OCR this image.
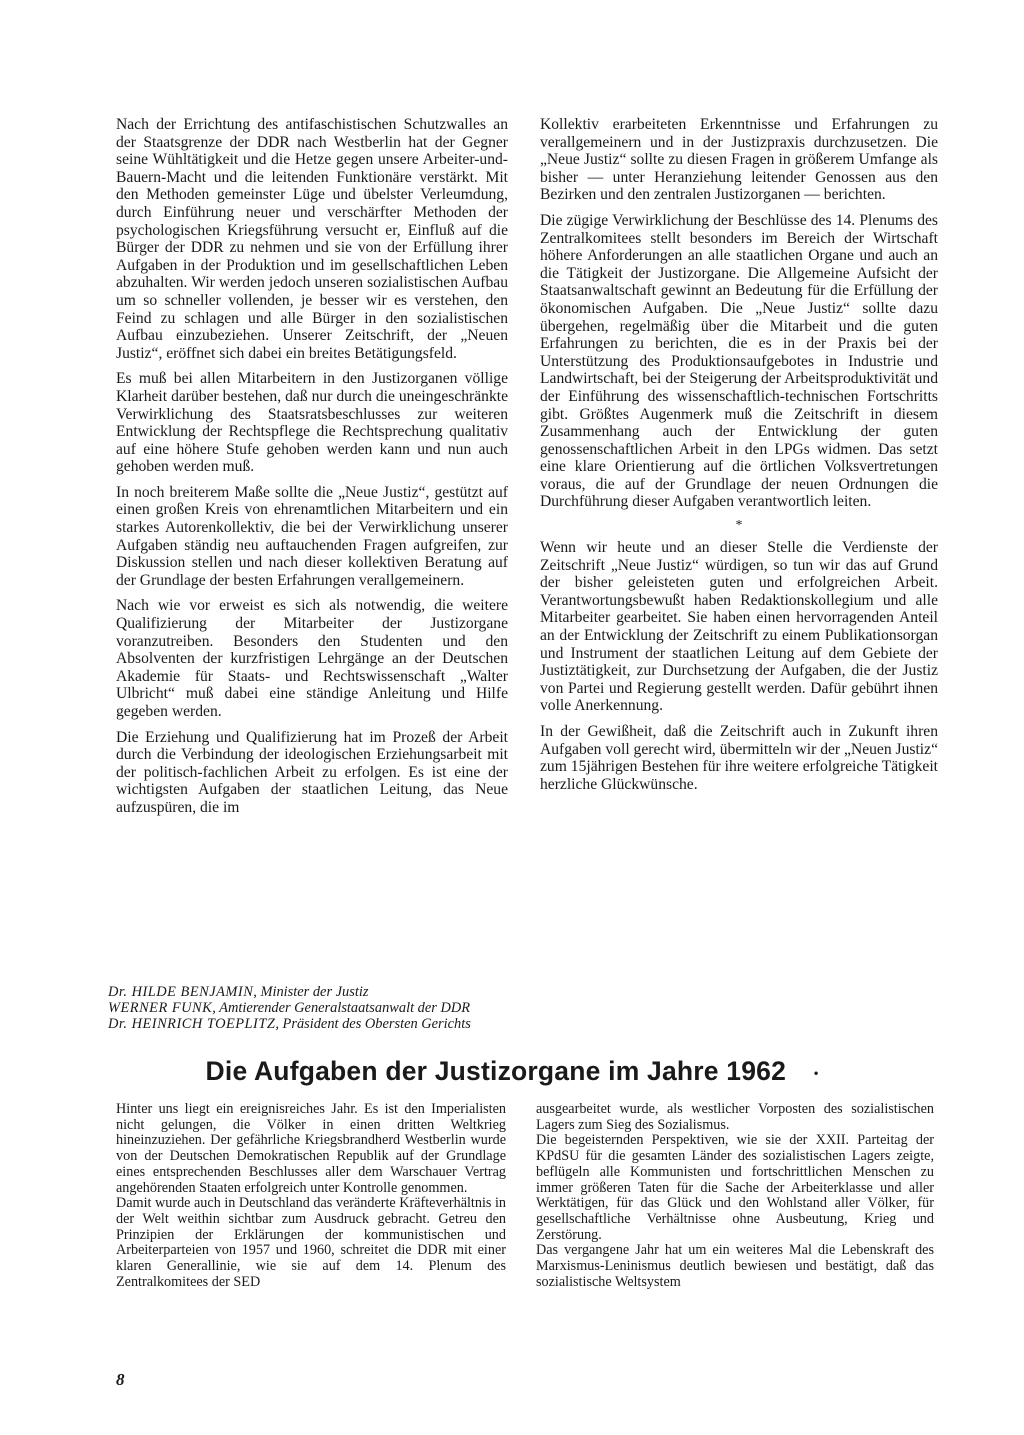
Nach der Errichtung des antifaschistischen Schutzwalles an der Staatsgrenze der DDR nach Westberlin hat der Gegner seine Wühltätigkeit und die Hetze gegen unsere Arbeiter-und-Bauern-Macht und die leitenden Funktionäre verstärkt. Mit den Methoden gemeinster Lüge und übelster Verleumdung, durch Einführung neuer und verschärfter Methoden der psychologischen Kriegsführung versucht er, Einfluß auf die Bürger der DDR zu nehmen und sie von der Erfüllung ihrer Aufgaben in der Produktion und im gesellschaftlichen Leben abzuhalten. Wir werden jedoch unseren sozialistischen Aufbau um so schneller vollenden, je besser wir es verstehen, den Feind zu schlagen und alle Bürger in den sozialistischen Aufbau einzubeziehen. Unserer Zeitschrift, der „Neuen Justiz“, eröffnet sich dabei ein breites Betätigungsfeld.

Es muß bei allen Mitarbeitern in den Justizorganen völlige Klarheit darüber bestehen, daß nur durch die uneingeschränkte Verwirklichung des Staatsratsbeschlusses zur weiteren Entwicklung der Rechtspflege die Rechtsprechung qualitativ auf eine höhere Stufe gehoben werden kann und nun auch gehoben werden muß.

In noch breiterem Maße sollte die „Neue Justiz“, gestützt auf einen großen Kreis von ehrenamtlichen Mitarbeitern und ein starkes Autorenkollektiv, die bei der Verwirklichung unserer Aufgaben ständig neu auftauchenden Fragen aufgreifen, zur Diskussion stellen und nach dieser kollektiven Beratung auf der Grundlage der besten Erfahrungen verallgemeinern.

Nach wie vor erweist es sich als notwendig, die weitere Qualifizierung der Mitarbeiter der Justizorgane voranzutreiben. Besonders den Studenten und den Absolventen der kurzfristigen Lehrgänge an der Deutschen Akademie für Staats- und Rechtswissenschaft „Walter Ulbricht“ muß dabei eine ständige Anleitung und Hilfe gegeben werden.

Die Erziehung und Qualifizierung hat im Prozeß der Arbeit durch die Verbindung der ideologischen Erziehungsarbeit mit der politisch-fachlichen Arbeit zu erfolgen. Es ist eine der wichtigsten Aufgaben der staatlichen Leitung, das Neue aufzuspüren, die im

Kollektiv erarbeiteten Erkenntnisse und Erfahrungen zu verallgemeinern und in der Justizpraxis durchzusetzen. Die „Neue Justiz“ sollte zu diesen Fragen in größerem Umfange als bisher — unter Heranziehung leitender Genossen aus den Bezirken und den zentralen Justizorganen — berichten.

Die zügige Verwirklichung der Beschlüsse des 14. Plenums des Zentralkomitees stellt besonders im Bereich der Wirtschaft höhere Anforderungen an alle staatlichen Organe und auch an die Tätigkeit der Justizorgane. Die Allgemeine Aufsicht der Staatsanwaltschaft gewinnt an Bedeutung für die Erfüllung der ökonomischen Aufgaben. Die „Neue Justiz“ sollte dazu übergehen, regelmäßig über die Mitarbeit und die guten Erfahrungen zu berichten, die es in der Praxis bei der Unterstützung des Produktionsaufgebotes in Industrie und Landwirtschaft, bei der Steigerung der Arbeitsproduktivität und der Einführung des wissenschaftlich-technischen Fortschritts gibt. Größtes Augenmerk muß die Zeitschrift in diesem Zusammenhang auch der Entwicklung der guten genossenschaftlichen Arbeit in den LPGs widmen. Das setzt eine klare Orientierung auf die örtlichen Volksvertretungen voraus, die auf der Grundlage der neuen Ordnungen die Durchführung dieser Aufgaben verantwortlich leiten.

*

Wenn wir heute und an dieser Stelle die Verdienste der Zeitschrift „Neue Justiz“ würdigen, so tun wir das auf Grund der bisher geleisteten guten und erfolgreichen Arbeit. Verantwortungsbewußt haben Redaktionskollegium und alle Mitarbeiter gearbeitet. Sie haben einen hervorragenden Anteil an der Entwicklung der Zeitschrift zu einem Publikationsorgan und Instrument der staatlichen Leitung auf dem Gebiete der Justiztätigkeit, zur Durchsetzung der Aufgaben, die der Justiz von Partei und Regierung gestellt werden. Dafür gebührt ihnen volle Anerkennung.

In der Gewißheit, daß die Zeitschrift auch in Zukunft ihren Aufgaben voll gerecht wird, übermitteln wir der „Neuen Justiz“ zum 15jährigen Bestehen für ihre weitere erfolgreiche Tätigkeit herzliche Glückwünsche.

Dr. HILDE BENJAMIN, Minister der Justiz
WERNER FUNK, Amtierender Generalstaatsanwalt der DDR
Dr. HEINRICH TOEPLITZ, Präsident des Obersten Gerichts
Die Aufgaben der Justizorgane im Jahre 1962 •

Hinter uns liegt ein ereignisreiches Jahr. Es ist den Imperialisten nicht gelungen, die Völker in einen dritten Weltkrieg hineinzuziehen. Der gefährliche Kriegsbrandherd Westberlin wurde von der Deutschen Demokratischen Republik auf der Grundlage eines entsprechenden Beschlusses aller dem Warschauer Vertrag angehörenden Staaten erfolgreich unter Kontrolle genommen.

Damit wurde auch in Deutschland das veränderte Kräfteverhältnis in der Welt weithin sichtbar zum Ausdruck gebracht. Getreu den Prinzipien der Erklärungen der kommunistischen und Arbeiterparteien von 1957 und 1960, schreitet die DDR mit einer klaren Generallinie, wie sie auf dem 14. Plenum des Zentralkomitees der SED

ausgearbeitet wurde, als westlicher Vorposten des sozialistischen Lagers zum Sieg des Sozialismus.

Die begeisternden Perspektiven, wie sie der XXII. Parteitag der KPdSU für die gesamten Länder des sozialistischen Lagers zeigte, beflügeln alle Kommunisten und fortschrittlichen Menschen zu immer größeren Taten für die Sache der Arbeiterklasse und aller Werktätigen, für das Glück und den Wohlstand aller Völker, für gesellschaftliche Verhältnisse ohne Ausbeutung, Krieg und Zerstörung.

Das vergangene Jahr hat um ein weiteres Mal die Lebenskraft des Marxismus-Leninismus deutlich bewiesen und bestätigt, daß das sozialistische Weltsystem

8
